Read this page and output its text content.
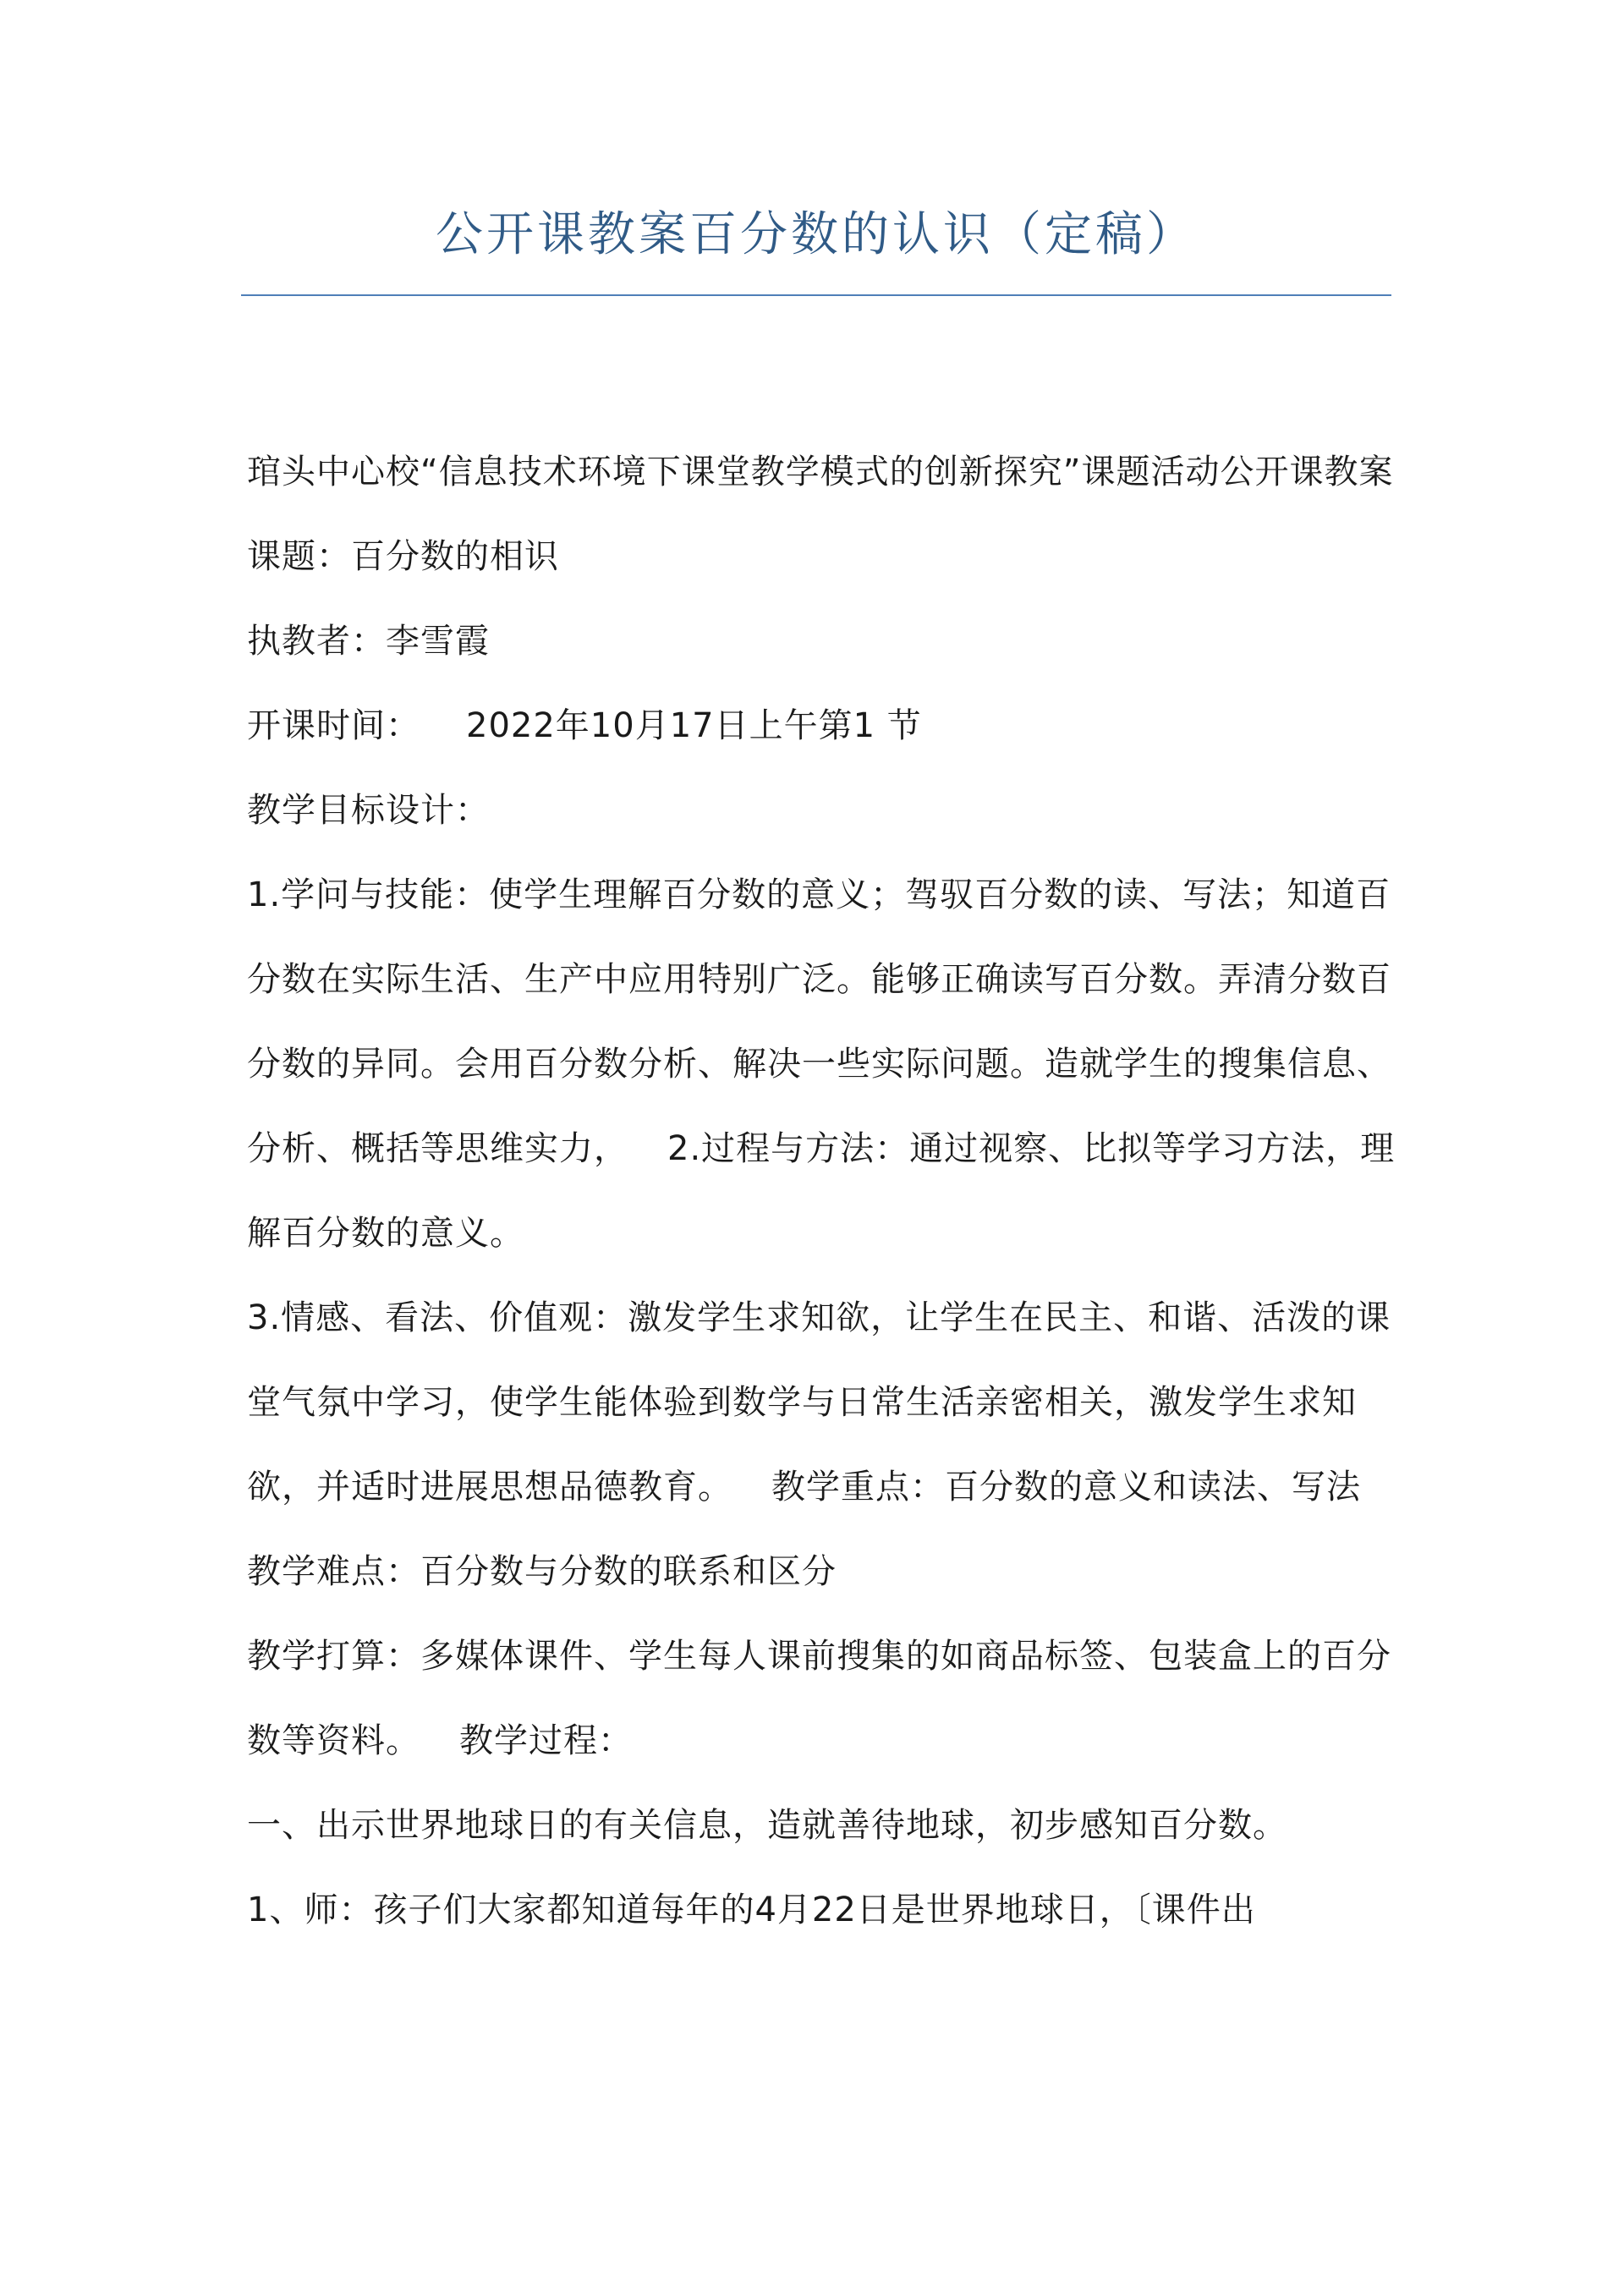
公开课教案百分数的认识（定稿）

琯头中心校“信息技术环境下课堂教学模式的创新探究”课题活动公开课教案

课题：百分数的相识

执教者：李雪霞

开课时间： 2022年10月17日上午第1 节

教学目标设计：

1.学问与技能：使学生理解百分数的意义；驾驭百分数的读、写法；知道百分数在实际生活、生产中应用特别广泛。能够正确读写百分数。弄清分数百分数的异同。会用百分数分析、解决一些实际问题。造就学生的搜集信息、分析、概括等思维实力， 2.过程与方法：通过视察、比拟等学习方法，理解百分数的意义。

3.情感、看法、价值观：激发学生求知欲，让学生在民主、和谐、活泼的课堂气氛中学习，使学生能体验到数学与日常生活亲密相关，激发学生求知欲，并适时进展思想品德教育。 教学重点：百分数的意义和读法、写法教学难点：百分数与分数的联系和区分

教学打算：多媒体课件、学生每人课前搜集的如商品标签、包装盒上的百分数等资料。 教学过程：

一、出示世界地球日的有关信息，造就善待地球，初步感知百分数。

1、师：孩子们大家都知道每年的4月22日是世界地球日，〔课件出
